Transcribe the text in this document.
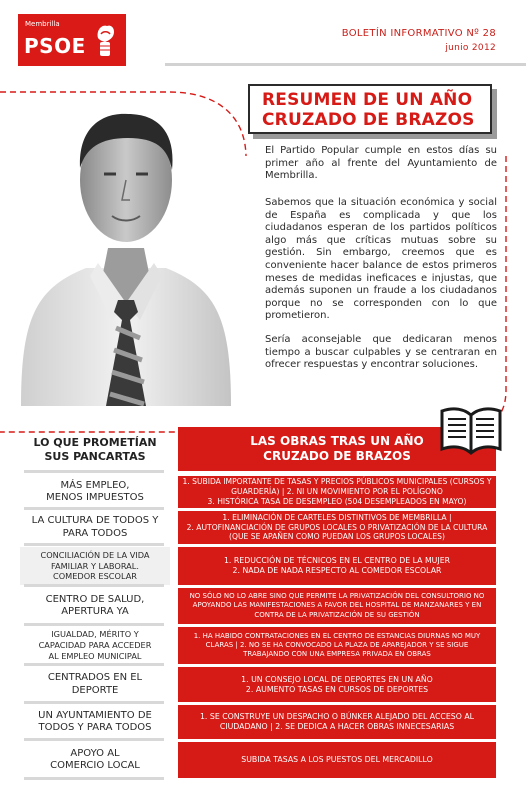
Membrilla
PSOE
BOLETÍN INFORMATIVO Nº 28
junio 2012
RESUMEN DE UN AÑO
CRUZADO DE BRAZOS

El Partido Popular cumple en estos días su primer año al frente del Ayuntamiento de Membrilla.

Sabemos que la situación económica y social de España es complicada y que los ciudadanos esperan de los partidos políticos algo más que críticas mutuas sobre su gestión. Sin embargo, creemos que es conveniente hacer balance de estos primeros meses de medidas ineficaces e injustas, que además suponen un fraude a los ciudadanos porque no se corresponden con lo que prometieron.

Sería aconsejable que dedicaran menos tiempo a buscar culpables y se centraran en ofrecer respuestas y encontrar soluciones.

LO QUE PROMETÍAN
SUS PANCARTAS
LAS OBRAS TRAS UN AÑO
CRUZADO DE BRAZOS
MÁS EMPLEO,
MENOS IMPUESTOS
1. SUBIDA IMPORTANTE DE TASAS Y PRECIOS PÚBLICOS MUNICIPALES (CURSOS Y GUARDERÍA) | 2. NI UN MOVIMIENTO POR EL POLÍGONO
3. HISTÓRICA TASA DE DESEMPLEO (504 DESEMPLEADOS EN MAYO)
LA CULTURA DE TODOS Y
PARA TODOS
1. ELIMINACIÓN DE CARTELES DISTINTIVOS DE MEMBRILLA |
2. AUTOFINANCIACIÓN DE GRUPOS LOCALES O PRIVATIZACIÓN DE LA CULTURA (QUE SE APAÑEN COMO PUEDAN LOS GRUPOS LOCALES)
CONCILIACIÓN DE LA VIDA
FAMILIAR Y LABORAL.
COMEDOR ESCOLAR
1. REDUCCIÓN DE TÉCNICOS EN EL CENTRO DE LA MUJER
2. NADA DE NADA RESPECTO AL COMEDOR ESCOLAR
CENTRO DE SALUD,
APERTURA YA
NO SÓLO NO LO ABRE SINO QUE PERMITE LA PRIVATIZACIÓN DEL CONSULTORIO NO APOYANDO LAS MANIFESTACIONES A FAVOR DEL HOSPITAL DE MANZANARES Y EN CONTRA DE LA PRIVATIZACIÓN DE SU GESTIÓN
IGUALDAD, MÉRITO Y
CAPACIDAD PARA ACCEDER
AL EMPLEO MUNICIPAL
1. HA HABIDO CONTRATACIONES EN EL CENTRO DE ESTANCIAS DIURNAS NO MUY CLARAS | 2. NO SE HA CONVOCADO LA PLAZA DE APAREJADOR Y SE SIGUE TRABAJANDO CON UNA EMPRESA PRIVADA EN OBRAS
CENTRADOS EN EL
DEPORTE
1. UN CONSEJO LOCAL DE DEPORTES EN UN AÑO
2. AUMENTO TASAS EN CURSOS DE DEPORTES
UN AYUNTAMIENTO DE
TODOS Y PARA TODOS
1. SE CONSTRUYE UN DESPACHO O BÚNKER ALEJADO DEL ACCESO AL CIUDADANO | 2. SE DEDICA A HACER OBRAS INNECESARIAS
APOYO AL
COMERCIO LOCAL
SUBIDA TASAS A LOS PUESTOS DEL MERCADILLO
